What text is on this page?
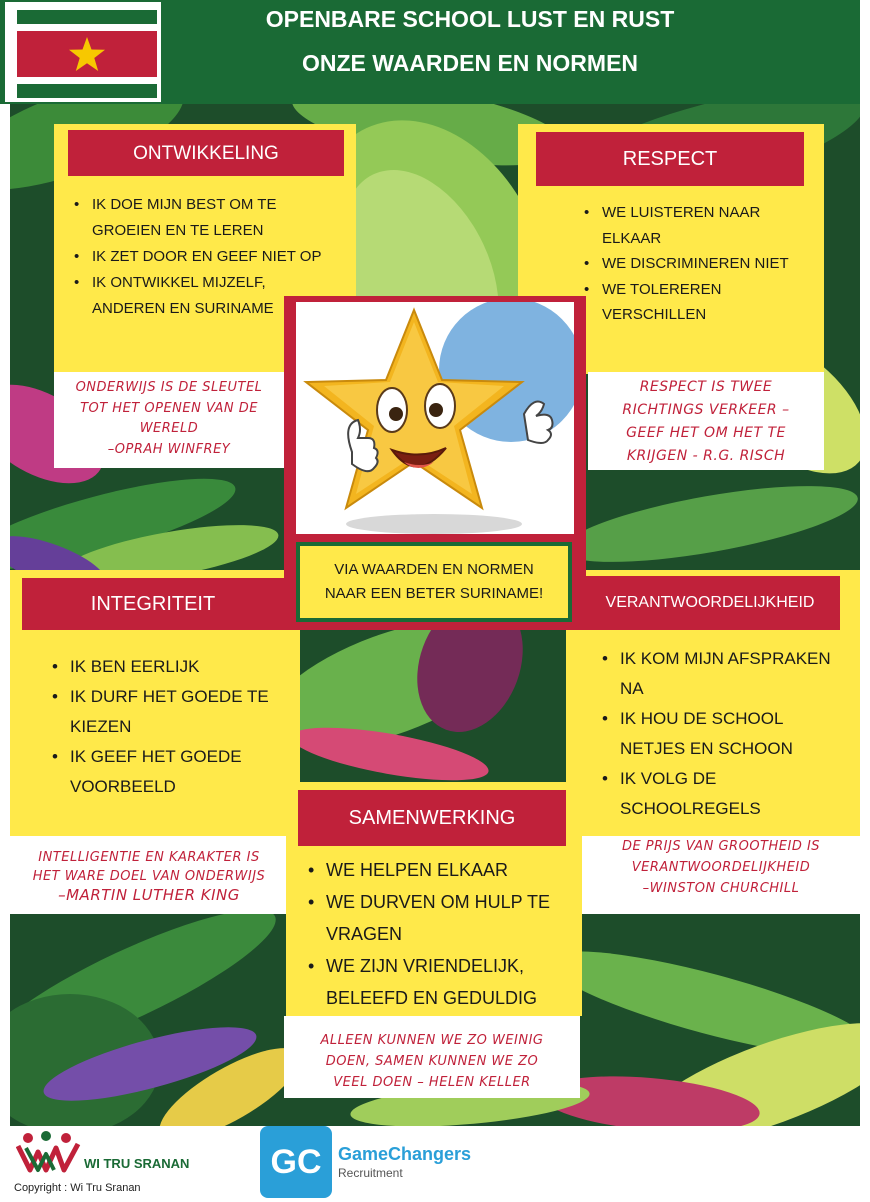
OPENBARE SCHOOL LUST EN RUST
ONZE WAARDEN EN NORMEN
ONTWIKKELING
• IK DOE MIJN BEST OM TE GROEIEN EN TE LEREN
• IK ZET DOOR EN GEEF NIET OP
• IK ONTWIKKEL MIJZELF, ANDEREN EN SURINAME
ONDERWIJS IS DE SLEUTEL
TOT HET OPENEN VAN DE
WERELD
–OPRAH WINFREY
RESPECT
• WE LUISTEREN NAAR ELKAAR
• WE DISCRIMINEREN NIET
• WE TOLEREREN VERSCHILLEN
RESPECT IS TWEE
RICHTINGS VERKEER –
GEEF HET OM HET TE
KRIJGEN - R.G. RISCH
INTEGRITEIT
• IK BEN EERLIJK
• IK DURF HET GOEDE TE KIEZEN
• IK GEEF HET GOEDE VOORBEELD
INTELLIGENTIE EN KARAKTER IS
HET WARE DOEL VAN ONDERWIJS
–MARTIN LUTHER KING
VERANTWOORDELIJKHEID
• IK KOM MIJN AFSPRAKEN NA
• IK HOU DE SCHOOL NETJES EN SCHOON
• IK VOLG DE SCHOOLREGELS
DE PRIJS VAN GROOTHEID IS
VERANTWOORDELIJKHEID
–WINSTON CHURCHILL
SAMENWERKING
• WE HELPEN ELKAAR
• WE DURVEN OM HULP TE VRAGEN
• WE ZIJN VRIENDELIJK, BELEEFD EN GEDULDIG
ALLEEN KUNNEN WE ZO WEINIG
DOEN, SAMEN KUNNEN WE ZO
VEEL DOEN – HELEN KELLER
VIA WAARDEN EN NORMEN
NAAR EEN BETER SURINAME!
WI TRU SRANAN
Copyright : Wi Tru Sranan
GC GameChangers
Recruitment
